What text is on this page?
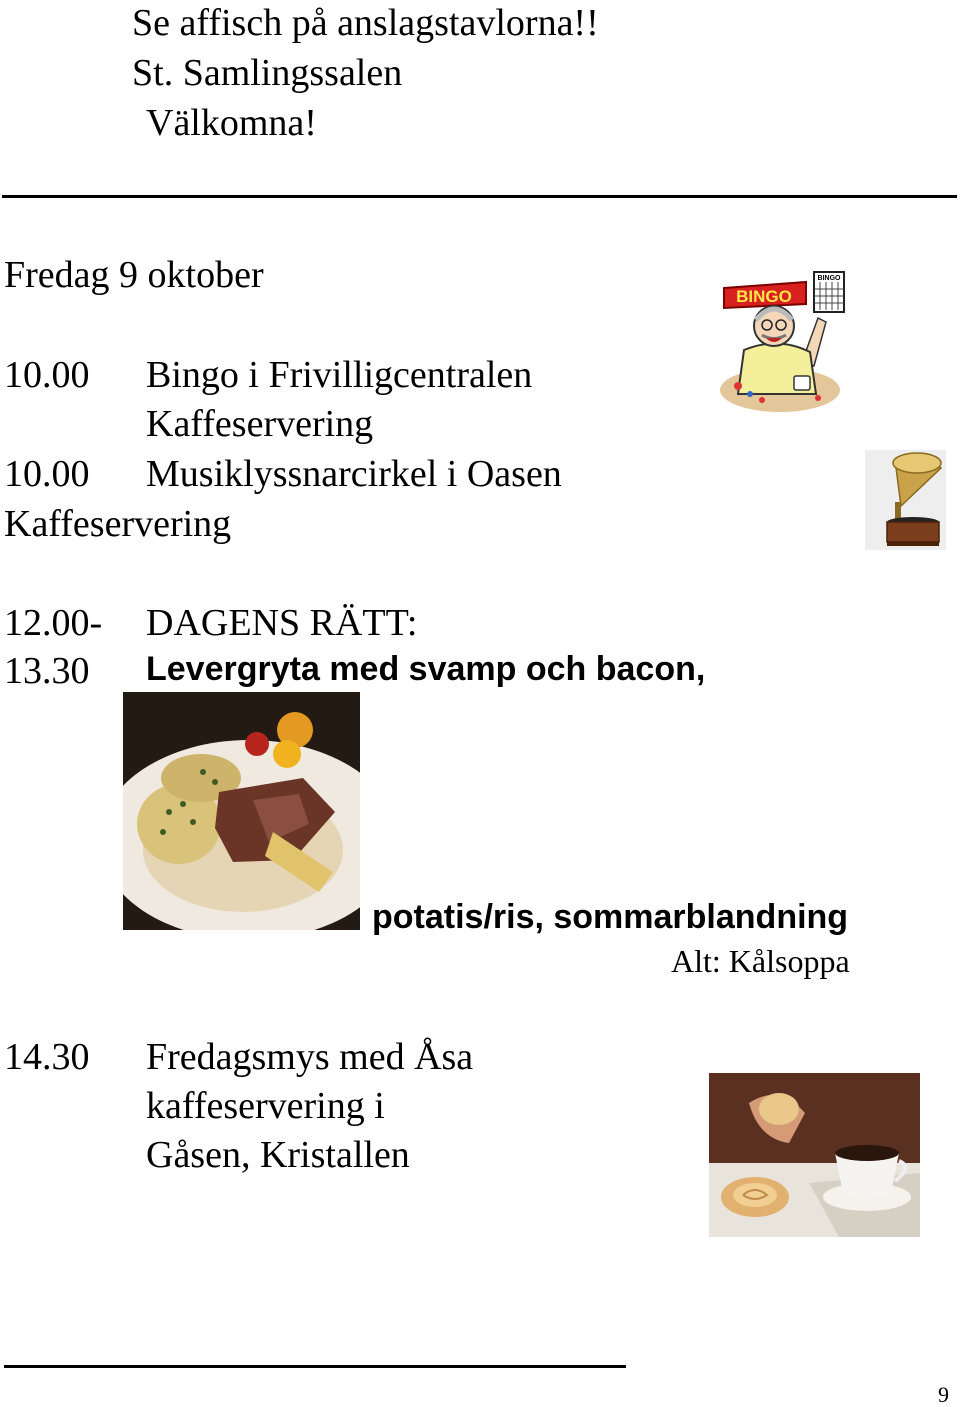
Se affisch på anslagstavlorna!!
St. Samlingssalen
Välkomna!
Fredag 9 oktober
10.00 Bingo i Frivilligcentralen
Kaffeservering
10.00 Musiklyssnarcirkel i Oasen
Kaffeservering
BINGO
BINGO
12.00- DAGENS RÄTT:
13.30 Levergryta med svamp och bacon,
potatis/ris, sommarblandning
Alt: Kålsoppa
14.30 Fredagsmys med Åsa
kaffeservering i
Gåsen, Kristallen
9
